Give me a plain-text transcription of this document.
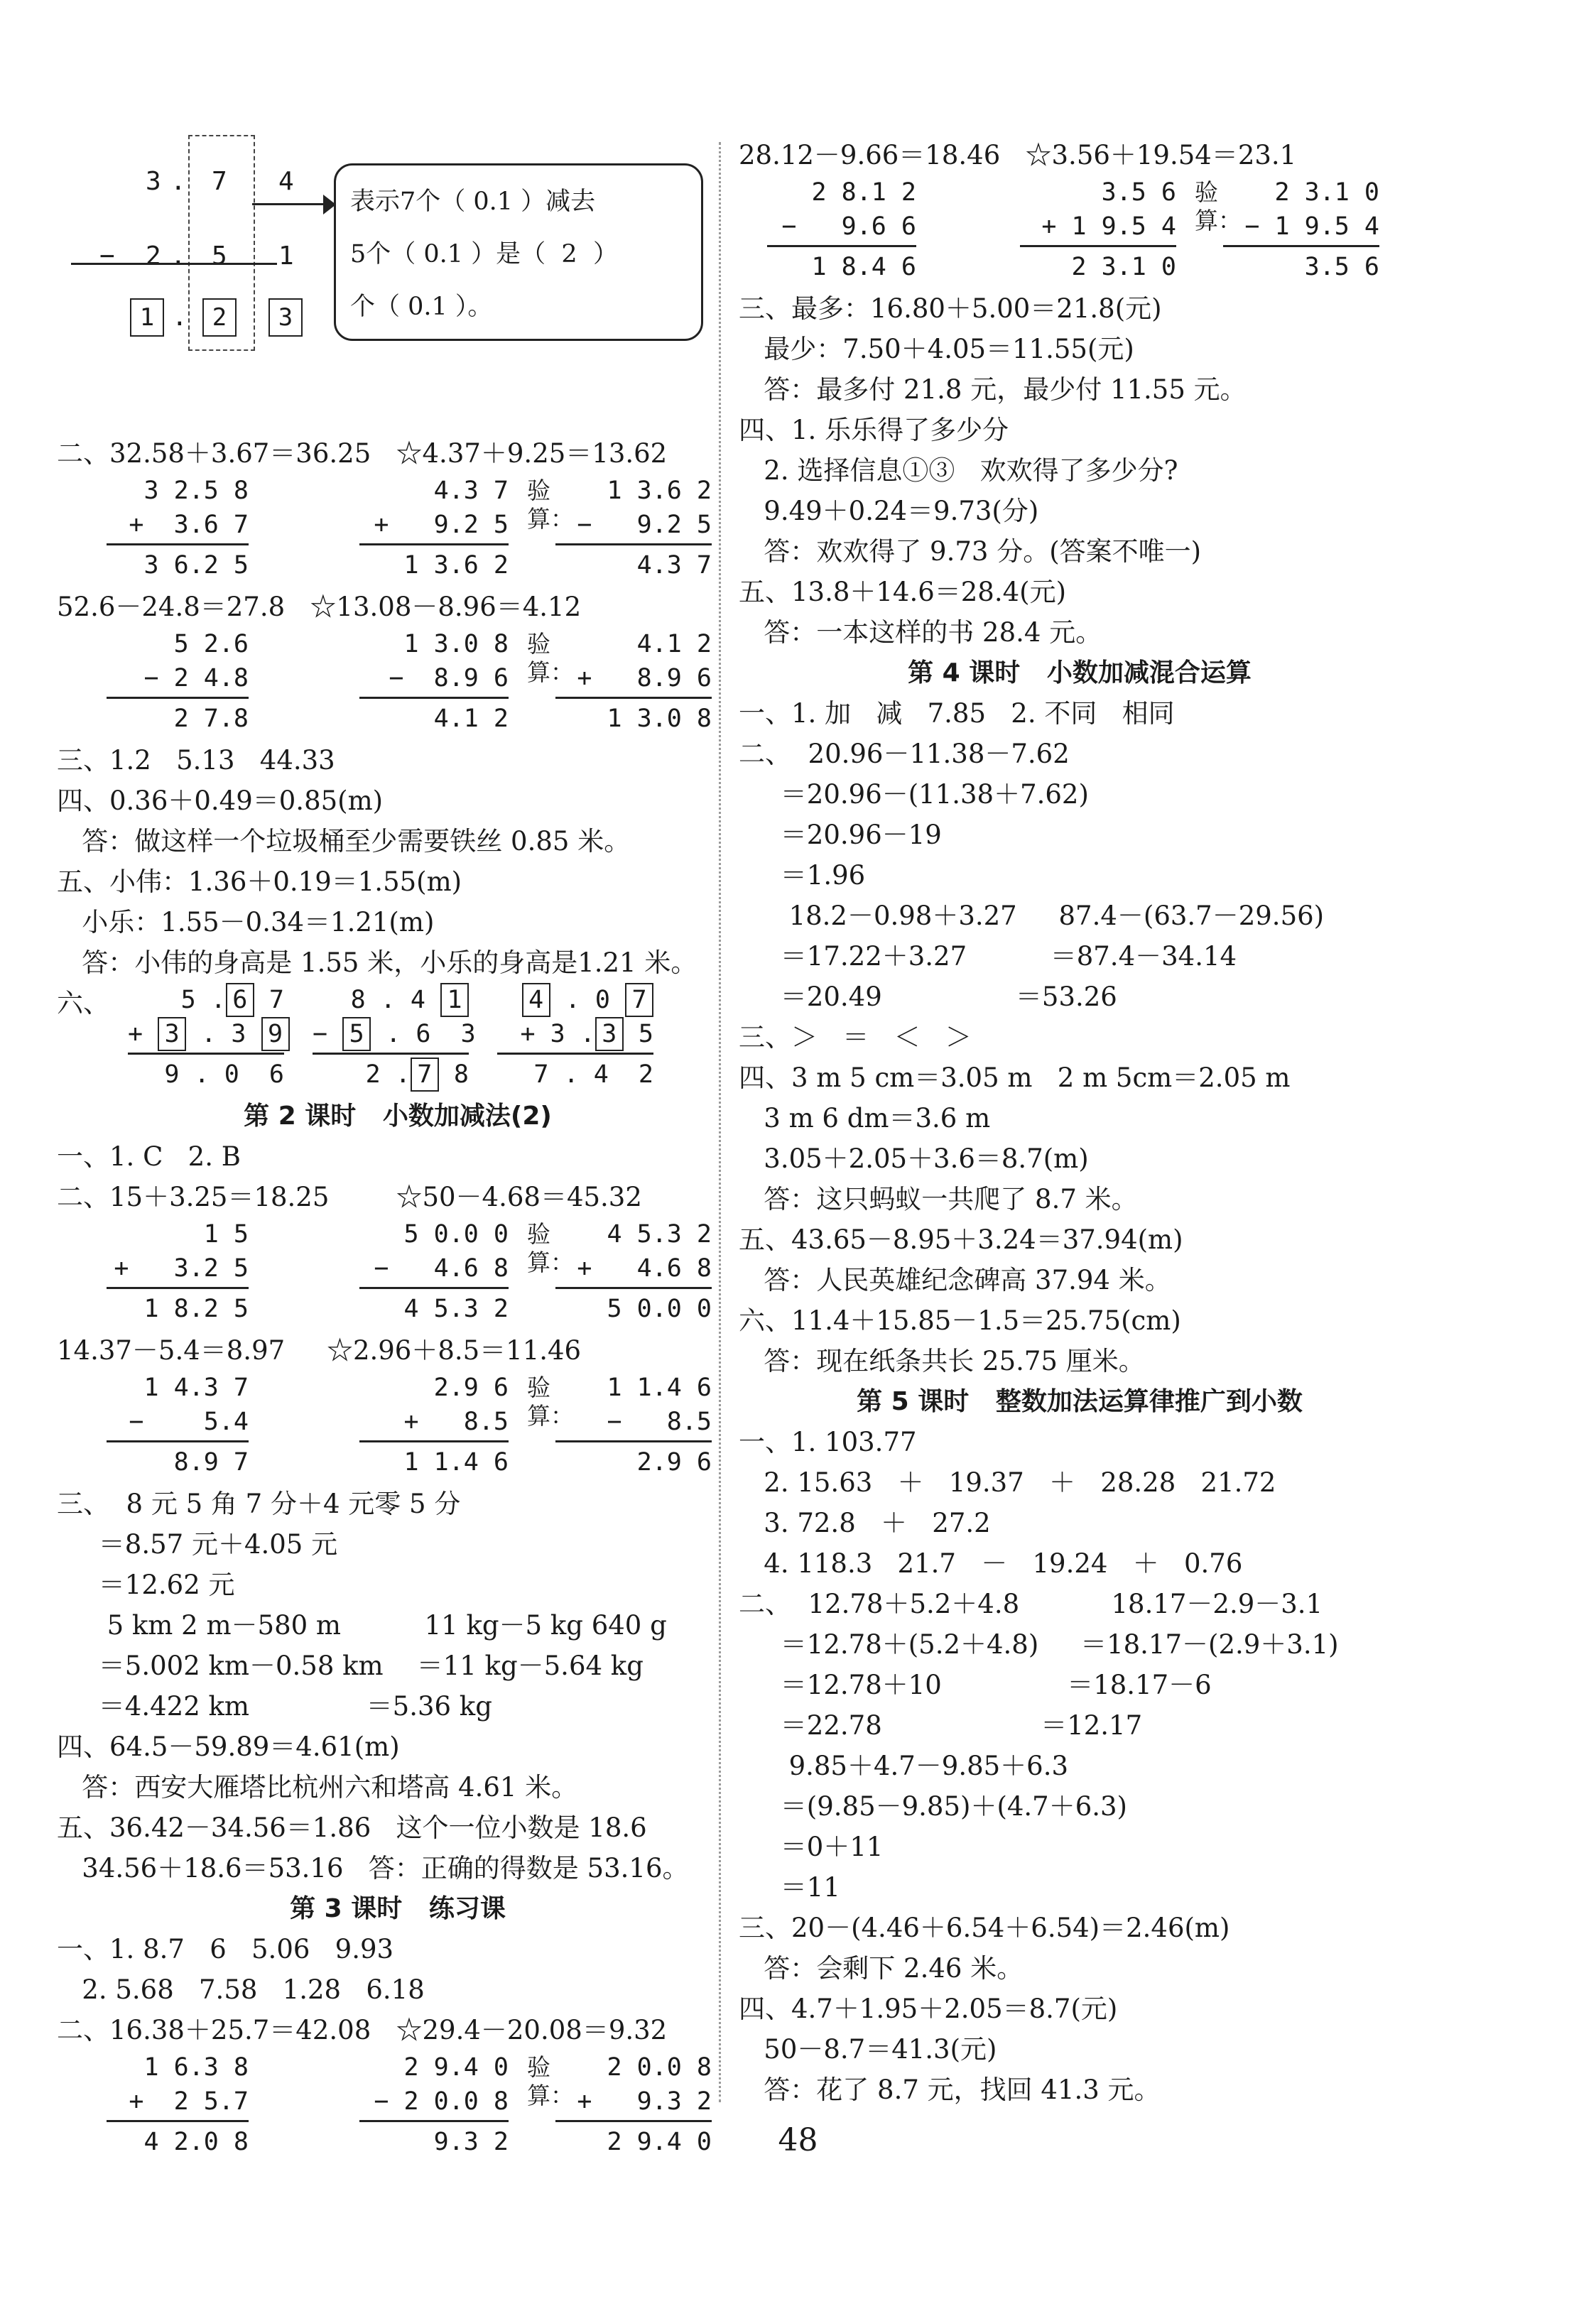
3 . 7 4
− 2 . 5 1
1 .	2	3
表示7个（ 0.1 ）减去
5个（ 0.1 ）是（  2  ）
个（ 0.1 ）。
二、32.58＋3.67＝36.25   ☆4.37＋9.25＝13.62
3 2.5 8
+  3.6 7
3 6.2 5
4.3 7
+   9.2 5
1 3.6 2
验算：
1 3.6 2
−   9.2 5
4.3 7
52.6－24.8＝27.8   ☆13.08－8.96＝4.12
5 2.6
− 2 4.8
2 7.8
1 3.0 8
−  8.9 6
4.1 2
验算：
4.1 2
+   8.9 6
1 3.0 8
三、1.2   5.13   44.33
四、0.36＋0.49＝0.85(m)
答：做这样一个垃圾桶至少需要铁丝 0.85 米。
五、小伟：1.36＋0.19＝1.55(m)
小乐：1.55－0.34＝1.21(m)
答：小伟的身高是 1.55 米，小乐的身高是1.21 米。
六、	5 . 6 7
+ 3 . 3 9
9 . 0  6
8 . 4 1
− 5 . 6  3
2 . 7 8
4 . 0 7
+ 3 . 3 5
7 . 4  2
第 2 课时   小数加减法(2)
一、1. C   2. B
二、15＋3.25＝18.25        ☆50－4.68＝45.32
1 5
+   3.2 5
1 8.2 5
5 0.0 0
−   4.6 8
4 5.3 2
验算：
4 5.3 2
+   4.6 8
5 0.0 0
14.37－5.4＝8.97     ☆2.96＋8.5＝11.46
1 4.3 7
−    5.4
8.9 7
2.9 6
+   8.5
1 1.4 6
验算：
1 1.4 6
−   8.5
2.9 6
三、  8 元 5 角 7 分＋4 元零 5 分
＝8.57 元＋4.05 元
＝12.62 元
5 km 2 m－580 m          11 kg－5 kg 640 g
＝5.002 km－0.58 km    ＝11 kg－5.64 kg
＝4.422 km              ＝5.36 kg
四、64.5－59.89＝4.61(m)
答：西安大雁塔比杭州六和塔高 4.61 米。
五、36.42－34.56＝1.86   这个一位小数是 18.6
34.56＋18.6＝53.16   答：正确的得数是 53.16。
第 3 课时   练习课
一、1. 8.7   6   5.06   9.93
2. 5.68   7.58   1.28   6.18
二、16.38＋25.7＝42.08   ☆29.4－20.08＝9.32
1 6.3 8
+  2 5.7
4 2.0 8
2 9.4 0
− 2 0.0 8
9.3 2
验算：
2 0.0 8
+   9.3 2
2 9.4 0
28.12－9.66＝18.46   ☆3.56＋19.54＝23.1
2 8.1 2
−   9.6 6
1 8.4 6
3.5 6
+ 1 9.5 4
2 3.1 0
验算：
2 3.1 0
− 1 9.5 4
3.5 6
三、最多：16.80＋5.00＝21.8(元)
最少：7.50＋4.05＝11.55(元)
答：最多付 21.8 元，最少付 11.55 元。
四、1. 乐乐得了多少分
2. 选择信息①③   欢欢得了多少分?
9.49＋0.24＝9.73(分)
答：欢欢得了 9.73 分。(答案不唯一)
五、13.8＋14.6＝28.4(元)
答：一本这样的书 28.4 元。
第 4 课时   小数加减混合运算
一、1. 加   减   7.85   2. 不同   相同
二、  20.96－11.38－7.62
＝20.96－(11.38＋7.62)
＝20.96－19
＝1.96
18.2－0.98＋3.27     87.4－(63.7－29.56)
＝17.22＋3.27          ＝87.4－34.14
＝20.49                ＝53.26
三、＞   ＝   ＜   ＞
四、3 m 5 cm＝3.05 m   2 m 5cm＝2.05 m
3 m 6 dm＝3.6 m
3.05＋2.05＋3.6＝8.7(m)
答：这只蚂蚁一共爬了 8.7 米。
五、43.65－8.95＋3.24＝37.94(m)
答：人民英雄纪念碑高 37.94 米。
六、11.4＋15.85－1.5＝25.75(cm)
答：现在纸条共长 25.75 厘米。
第 5 课时   整数加法运算律推广到小数
一、1. 103.77
2. 15.63   ＋   19.37   ＋   28.28   21.72
3. 72.8   ＋   27.2
4. 118.3   21.7   －   19.24   ＋   0.76
二、  12.78＋5.2＋4.8           18.17－2.9－3.1
＝12.78＋(5.2＋4.8)     ＝18.17－(2.9＋3.1)
＝12.78＋10               ＝18.17－6
＝22.78                   ＝12.17
9.85＋4.7－9.85＋6.3
＝(9.85－9.85)＋(4.7＋6.3)
＝0＋11
＝11
三、20－(4.46＋6.54＋6.54)＝2.46(m)
答：会剩下 2.46 米。
四、4.7＋1.95＋2.05＝8.7(元)
50－8.7＝41.3(元)
答：花了 8.7 元，找回 41.3 元。
48
